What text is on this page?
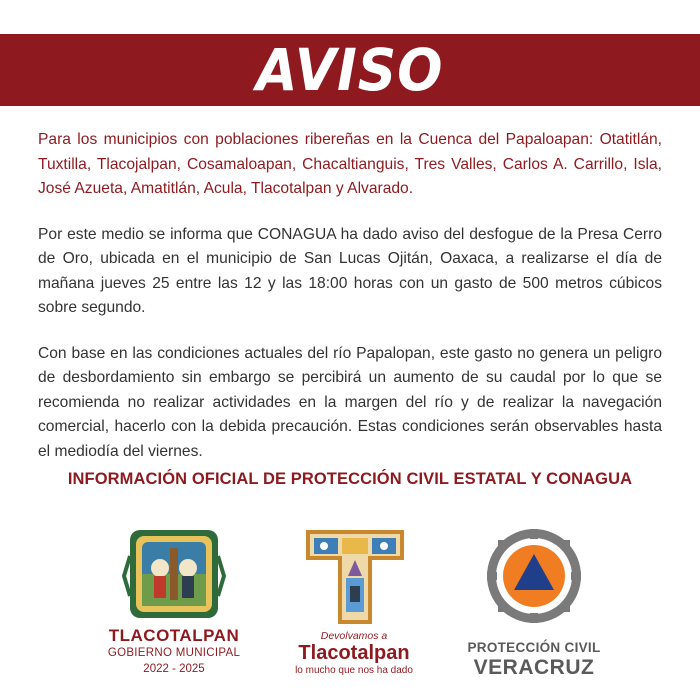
AVISO

Para los municipios con poblaciones ribereñas en la Cuenca del Papaloapan: Otatitlán, Tuxtilla, Tlacojalpan, Cosamaloapan, Chacaltianguis, Tres Valles, Carlos A. Carrillo, Isla, José Azueta, Amatitlán, Acula, Tlacotalpan y Alvarado.

Por este medio se informa que CONAGUA ha dado aviso del desfogue de la Presa Cerro de Oro, ubicada en el municipio de San Lucas Ojitán, Oaxaca, a realizarse el día de mañana jueves 25 entre las 12 y las 18:00 horas con un gasto de 500 metros cúbicos sobre segundo.

Con base en las condiciones actuales del río Papalopan, este gasto no genera un peligro de desbordamiento sin embargo se percibirá un aumento de su caudal por lo que se recomienda no realizar actividades en la margen del río y de realizar la navegación comercial, hacerlo con la debida precaución. Estas condiciones serán observables hasta el mediodía del viernes.

INFORMACIÓN OFICIAL DE PROTECCIÓN CIVIL ESTATAL Y CONAGUA
TLACOTALPAN
GOBIERNO MUNICIPAL
2022 - 2025
Devolvamos a
Tlacotalpan
lo mucho que nos ha dado
PROTECCIÓN CIVIL
VERACRUZ
